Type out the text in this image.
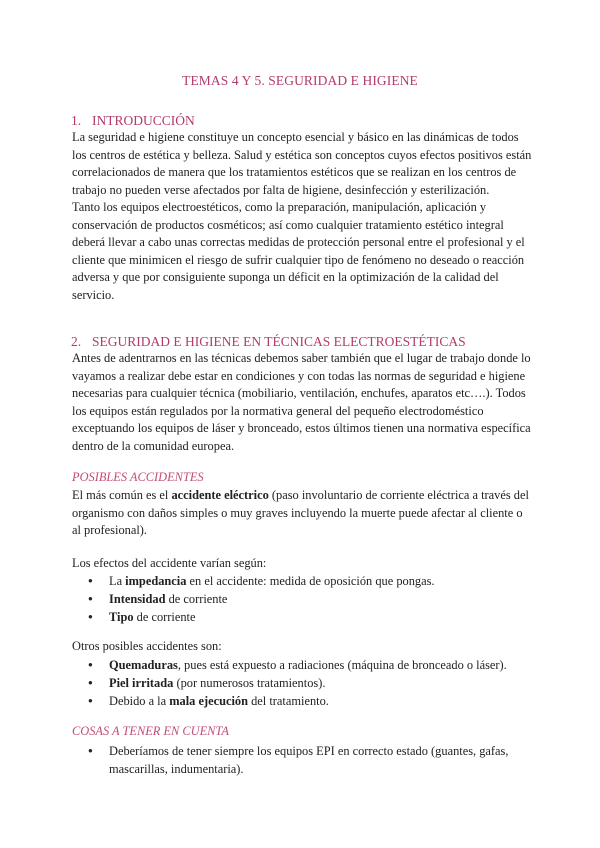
TEMAS 4 Y 5. SEGURIDAD E HIGIENE
1. INTRODUCCIÓN

La seguridad e higiene constituye un concepto esencial y básico en las dinámicas de todos los centros de estética y belleza. Salud y estética son conceptos cuyos efectos positivos están correlacionados de manera que los tratamientos estéticos que se realizan en los centros de trabajo no pueden verse afectados por falta de higiene, desinfección y esterilización.

Tanto los equipos electroestéticos, como la preparación, manipulación, aplicación y conservación de productos cosméticos; así como cualquier tratamiento estético integral deberá llevar a cabo unas correctas medidas de protección personal entre el profesional y el cliente que minimicen el riesgo de sufrir cualquier tipo de fenómeno no deseado o reacción adversa y que por consiguiente suponga un déficit en la optimización de la calidad del servicio.

2. SEGURIDAD E HIGIENE EN TÉCNICAS ELECTROESTÉTICAS

Antes de adentrarnos en las técnicas debemos saber también que el lugar de trabajo donde lo vayamos a realizar debe estar en condiciones y con todas las normas de seguridad e higiene necesarias para cualquier técnica (mobiliario, ventilación, enchufes, aparatos etc….). Todos los equipos están regulados por la normativa general del pequeño electrodoméstico exceptuando los equipos de láser y bronceado, estos últimos tienen una normativa específica dentro de la comunidad europea.

POSIBLES ACCIDENTES

El más común es el accidente eléctrico (paso involuntario de corriente eléctrica a través del organismo con daños simples o muy graves incluyendo la muerte puede afectar al cliente o al profesional).

Los efectos del accidente varían según:

● La impedancia en el accidente: medida de oposición que pongas.
● Intensidad de corriente
● Tipo de corriente

Otros posibles accidentes son:

● Quemaduras, pues está expuesto a radiaciones (máquina de bronceado o láser).
● Piel irritada (por numerosos tratamientos).
● Debido a la mala ejecución del tratamiento.
COSAS A TENER EN CUENTA
● Deberíamos de tener siempre los equipos EPI en correcto estado (guantes, gafas, mascarillas, indumentaria).
